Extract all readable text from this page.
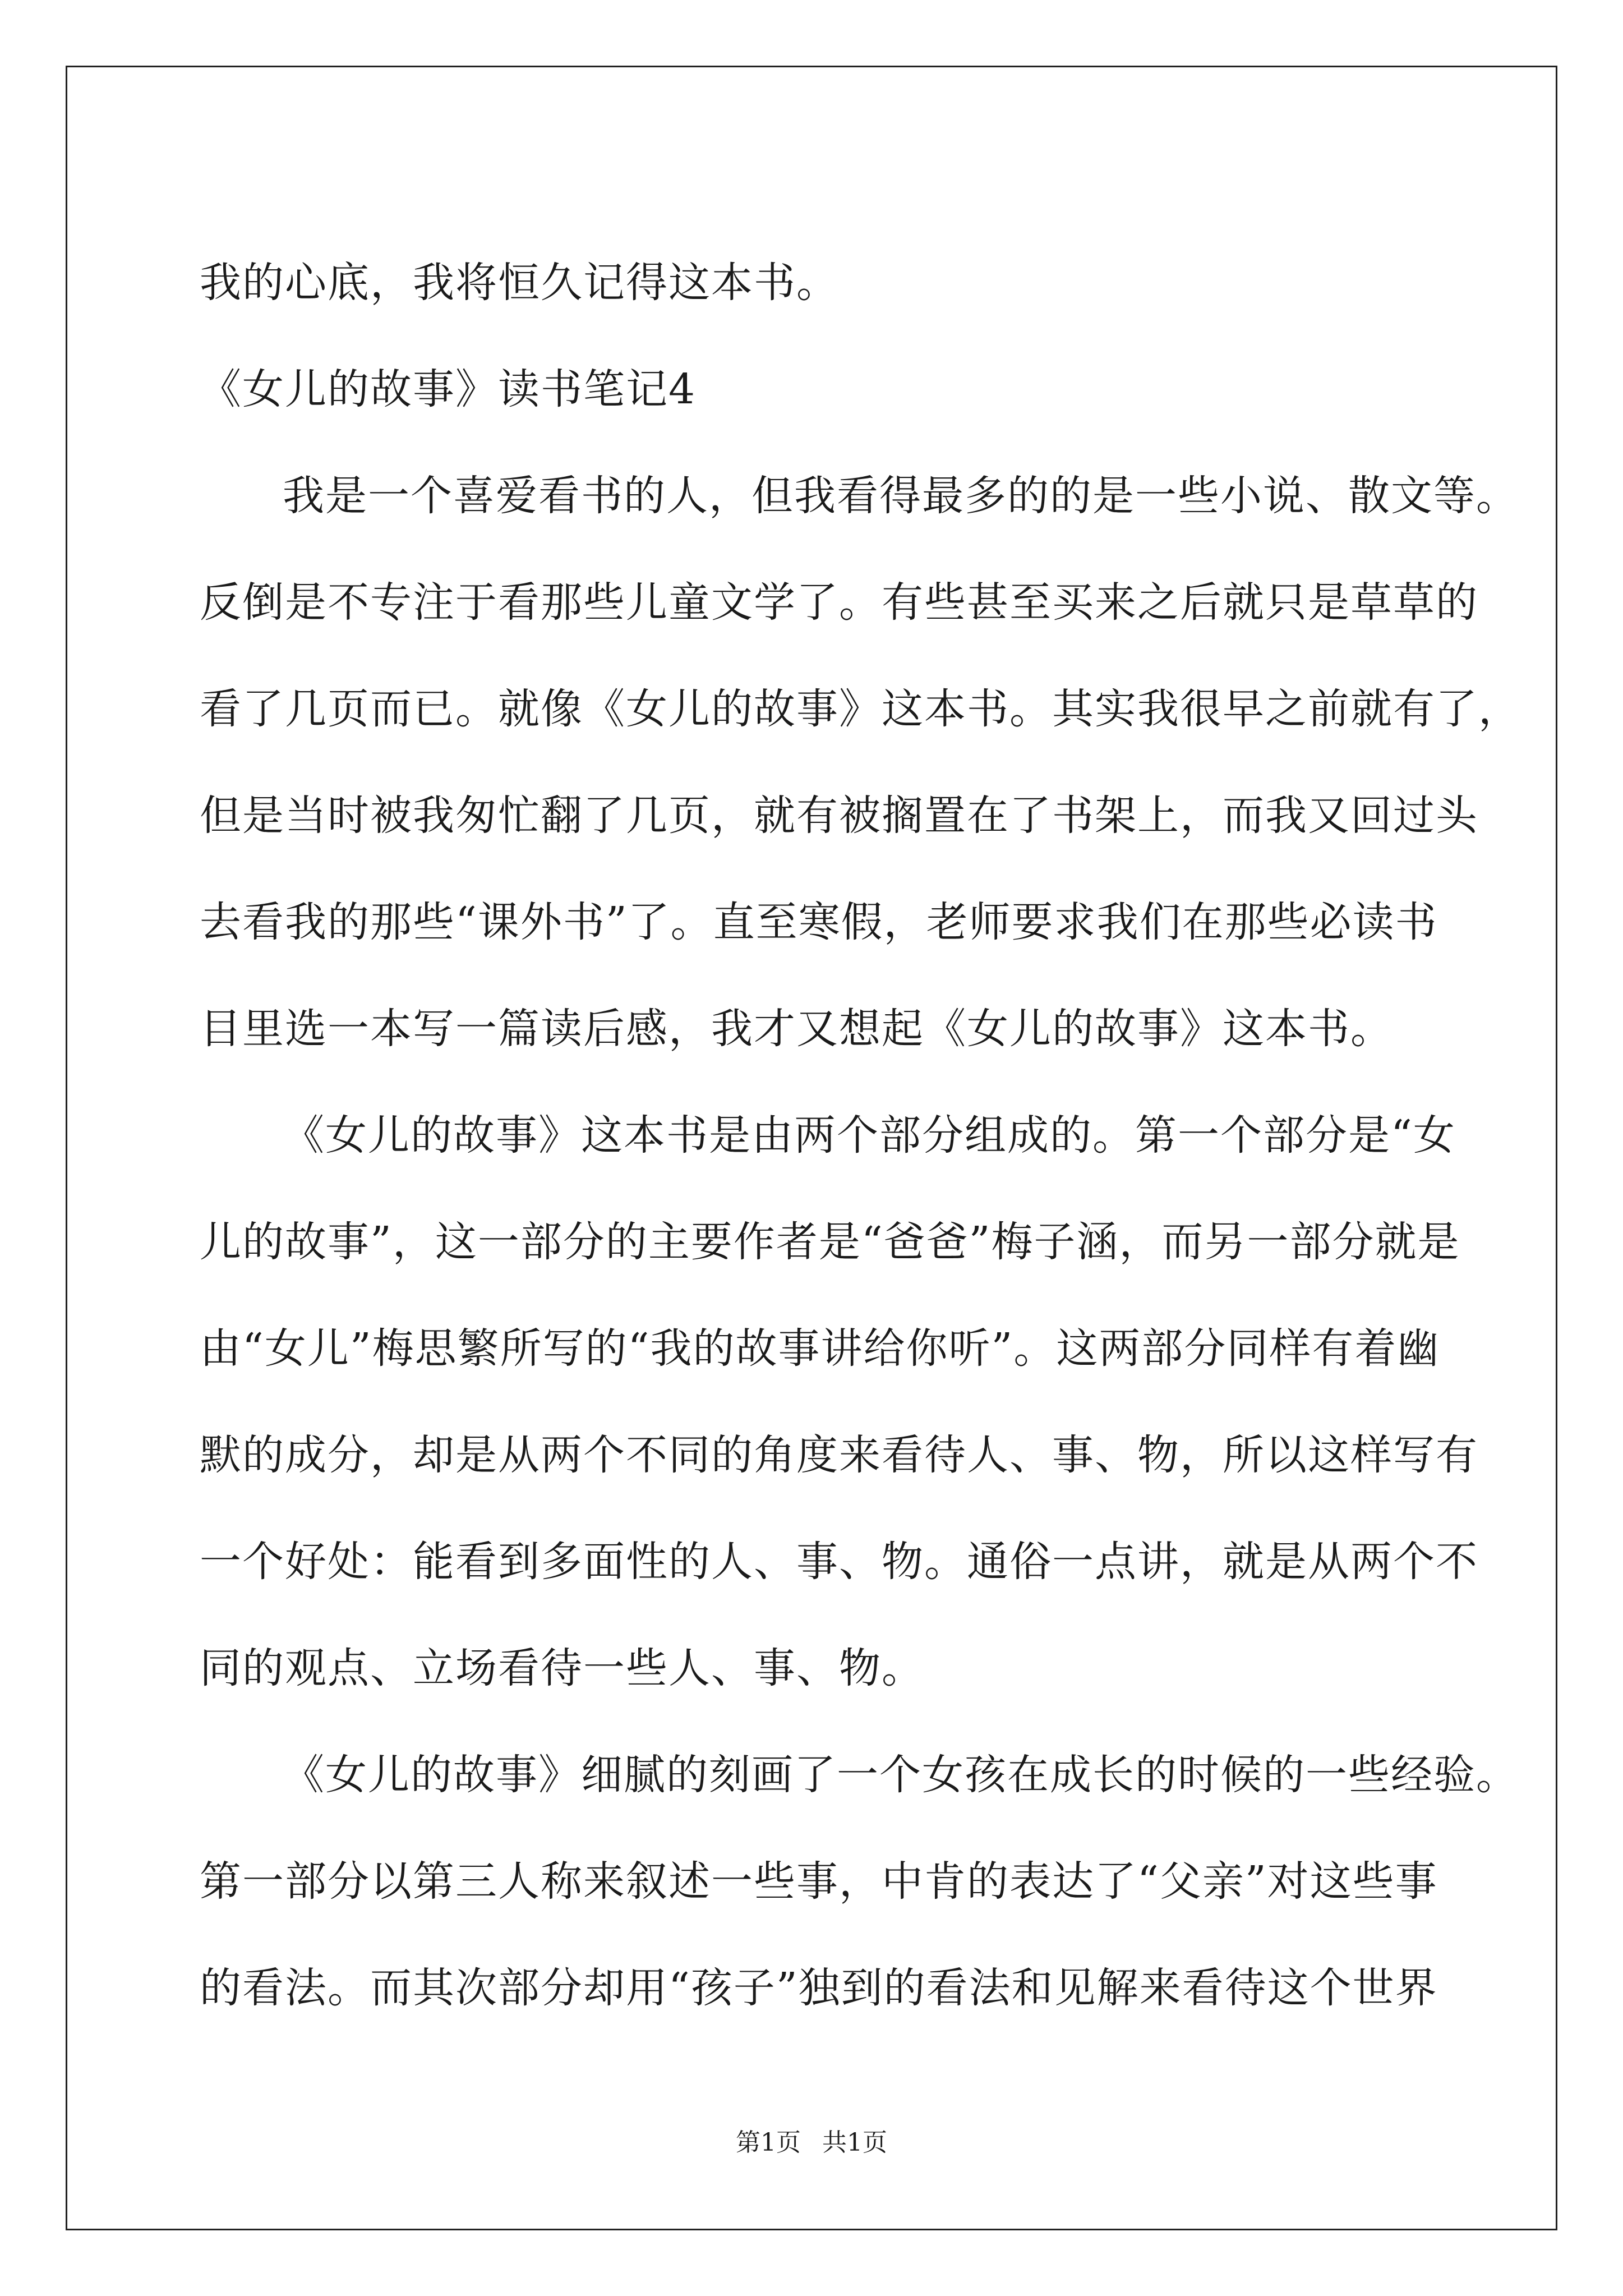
我的心底，我将恒久记得这本书。

《女儿的故事》读书笔记4

我是一个喜爱看书的人，但我看得最多的的是一些小说、散文等。

反倒是不专注于看那些儿童文学了。有些甚至买来之后就只是草草的

看了几页而已。就像《女儿的故事》这本书。其实我很早之前就有了，

但是当时被我匆忙翻了几页，就有被搁置在了书架上，而我又回过头

去看我的那些“课外书”了。直至寒假，老师要求我们在那些必读书

目里选一本写一篇读后感，我才又想起《女儿的故事》这本书。

《女儿的故事》这本书是由两个部分组成的。第一个部分是“女

儿的故事”，这一部分的主要作者是“爸爸”梅子涵，而另一部分就是

由“女儿”梅思繁所写的“我的故事讲给你听”。这两部分同样有着幽

默的成分，却是从两个不同的角度来看待人、事、物，所以这样写有

一个好处：能看到多面性的人、事、物。通俗一点讲，就是从两个不

同的观点、立场看待一些人、事、物。

《女儿的故事》细腻的刻画了一个女孩在成长的时候的一些经验。

第一部分以第三人称来叙述一些事，中肯的表达了“父亲”对这些事

的看法。而其次部分却用“孩子”独到的看法和见解来看待这个世界

第1页 共1页
